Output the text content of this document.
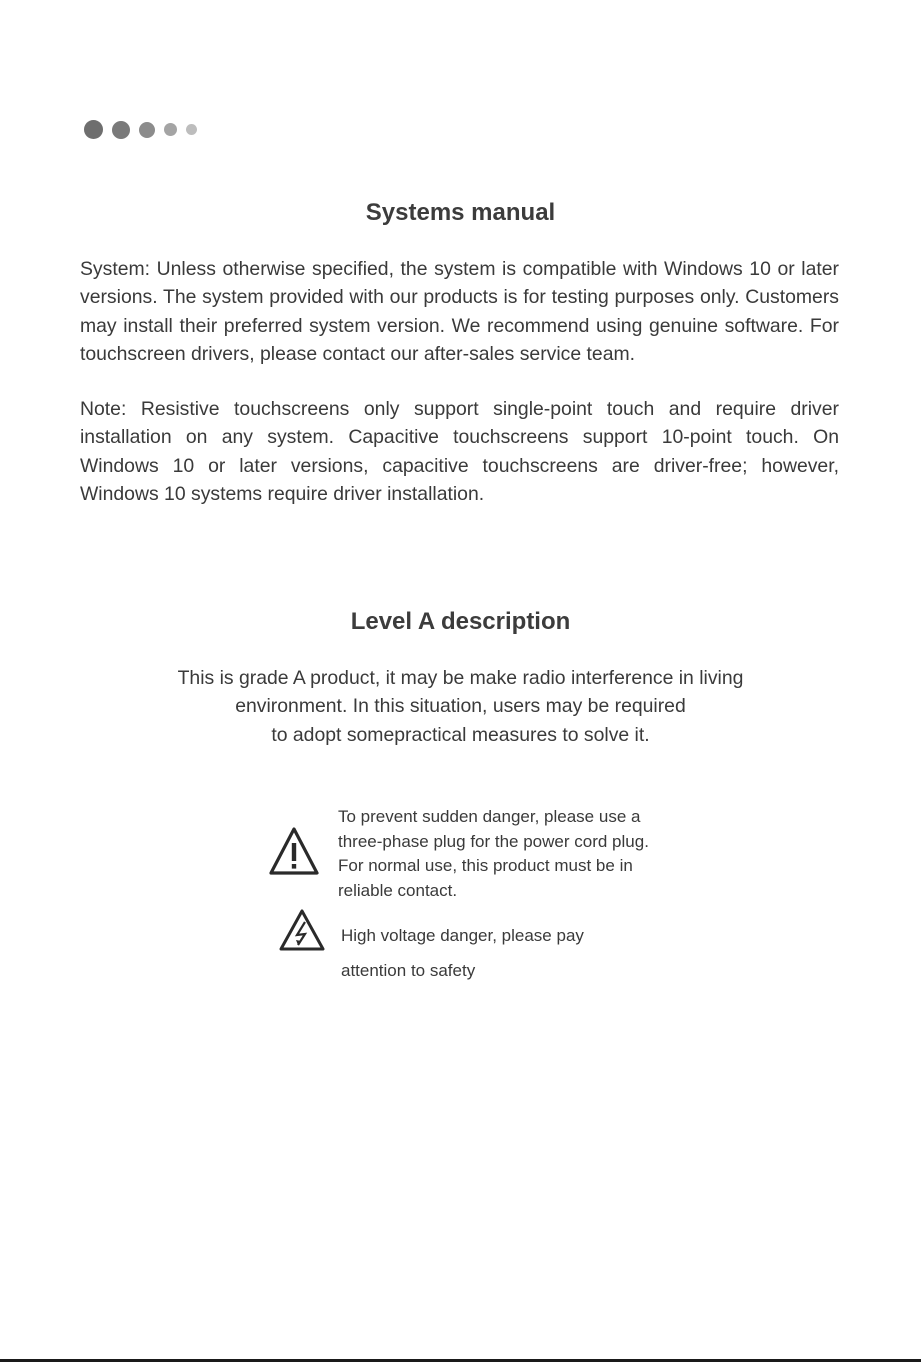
Systems manual

System: Unless otherwise specified, the system is compatible with Windows 10 or later versions. The system provided with our products is for testing purposes only. Customers may install their preferred system version. We recommend using genuine software. For touchscreen drivers, please contact our after-sales service team.

Note: Resistive touchscreens only support single-point touch and require driver installation on any system. Capacitive touchscreens support 10-point touch. On Windows 10 or later versions, capacitive touchscreens are driver-free; however, Windows 10 systems require driver installation.

Level A description

This is grade A product, it may be make radio interference in living
environment. In this situation, users may be required
to adopt somepractical measures to solve it.

To prevent sudden danger, please use a
three-phase plug for the power cord plug.
For normal use, this product must be in
reliable contact.

High voltage danger, please pay
attention to safety
